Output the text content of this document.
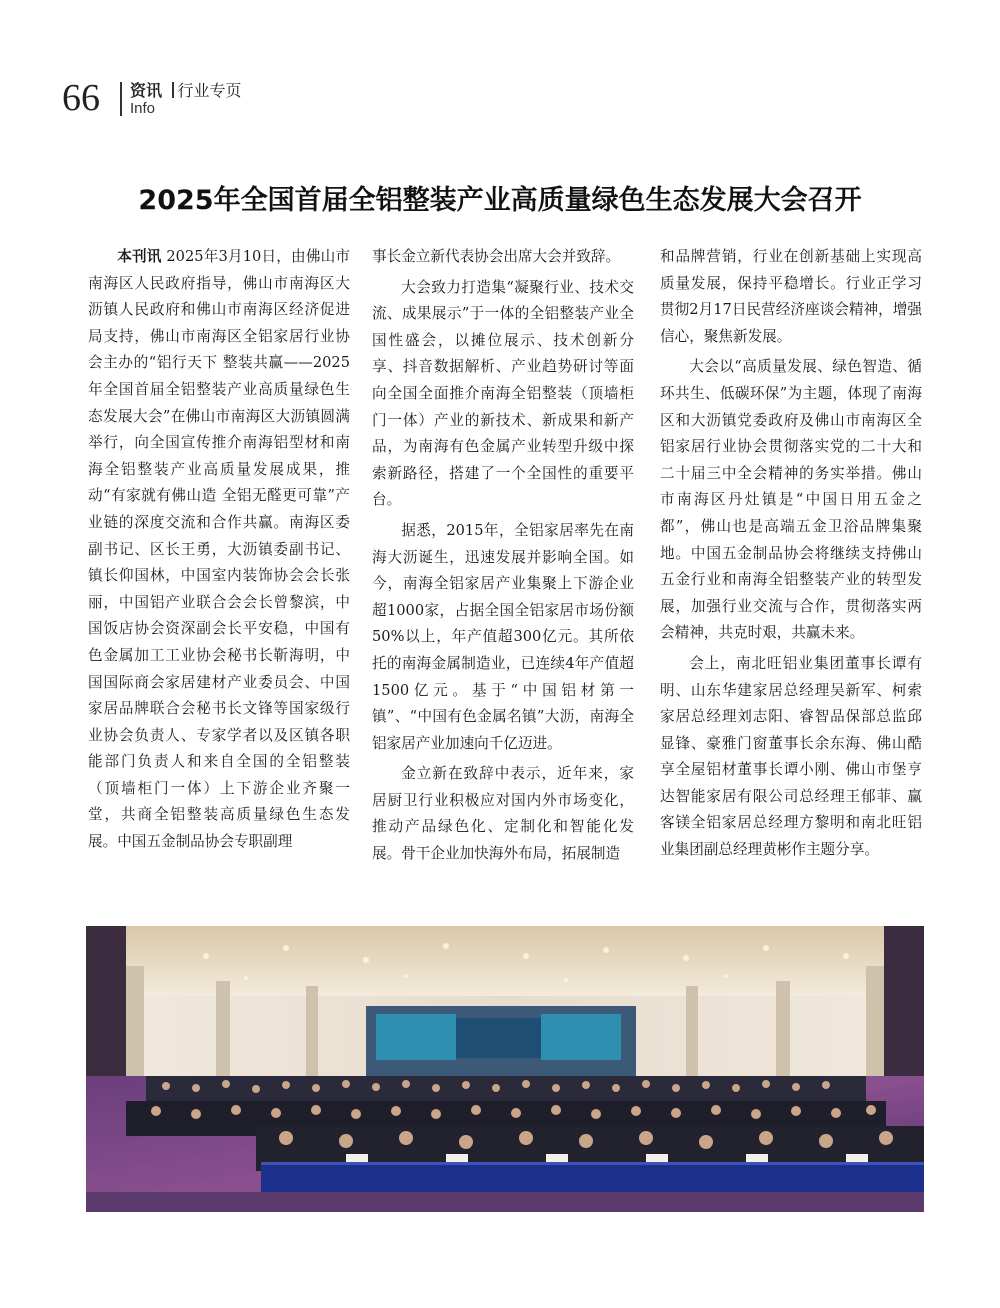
66 资讯
Info
行业专页
2025年全国首届全铝整装产业高质量绿色生态发展大会召开

本刊讯 2025年3月10日，由佛山市南海区人民政府指导，佛山市南海区大沥镇人民政府和佛山市南海区经济促进局支持，佛山市南海区全铝家居行业协会主办的“铝行天下 整装共赢——2025年全国首届全铝整装产业高质量绿色生态发展大会”在佛山市南海区大沥镇圆满举行，向全国宣传推介南海铝型材和南海全铝整装产业高质量发展成果，推动“有家就有佛山造 全铝无醛更可靠”产业链的深度交流和合作共赢。南海区委副书记、区长王勇，大沥镇委副书记、镇长仰国林，中国室内装饰协会会长张丽，中国铝产业联合会会长曾黎滨，中国饭店协会资深副会长平安稳，中国有色金属加工工业协会秘书长靳海明，中国国际商会家居建材产业委员会、中国家居品牌联合会秘书长文锋等国家级行业协会负责人、专家学者以及区镇各职能部门负责人和来自全国的全铝整装（顶墙柜门一体）上下游企业齐聚一堂，共商全铝整装高质量绿色生态发展。中国五金制品协会专职副理

事长金立新代表协会出席大会并致辞。

大会致力打造集“凝聚行业、技术交流、成果展示”于一体的全铝整装产业全国性盛会，以摊位展示、技术创新分享、抖音数据解析、产业趋势研讨等面向全国全面推介南海全铝整装（顶墙柜门一体）产业的新技术、新成果和新产品，为南海有色金属产业转型升级中探索新路径，搭建了一个全国性的重要平台。

据悉，2015年，全铝家居率先在南海大沥诞生，迅速发展并影响全国。如今，南海全铝家居产业集聚上下游企业超1000家，占据全国全铝家居市场份额50%以上，年产值超300亿元。其所依托的南海金属制造业，已连续4年产值超1500亿元。基于“中国铝材第一镇”、“中国有色金属名镇”大沥，南海全铝家居产业加速向千亿迈进。

金立新在致辞中表示，近年来，家居厨卫行业积极应对国内外市场变化，推动产品绿色化、定制化和智能化发展。骨干企业加快海外布局，拓展制造

和品牌营销，行业在创新基础上实现高质量发展，保持平稳增长。行业正学习贯彻2月17日民营经济座谈会精神，增强信心，聚焦新发展。

大会以“高质量发展、绿色智造、循环共生、低碳环保”为主题，体现了南海区和大沥镇党委政府及佛山市南海区全铝家居行业协会贯彻落实党的二十大和二十届三中全会精神的务实举措。佛山市南海区丹灶镇是“中国日用五金之都”，佛山也是高端五金卫浴品牌集聚地。中国五金制品协会将继续支持佛山五金行业和南海全铝整装产业的转型发展，加强行业交流与合作，贯彻落实两会精神，共克时艰，共赢未来。

会上，南北旺铝业集团董事长谭有明、山东华建家居总经理吴新军、柯索家居总经理刘志阳、睿智品保部总监邱显锋、豪雅门窗董事长余东海、佛山酷享全屋铝材董事长谭小刚、佛山市堡亨达智能家居有限公司总经理王郁菲、赢客镁全铝家居总经理方黎明和南北旺铝业集团副总经理黄彬作主题分享。
